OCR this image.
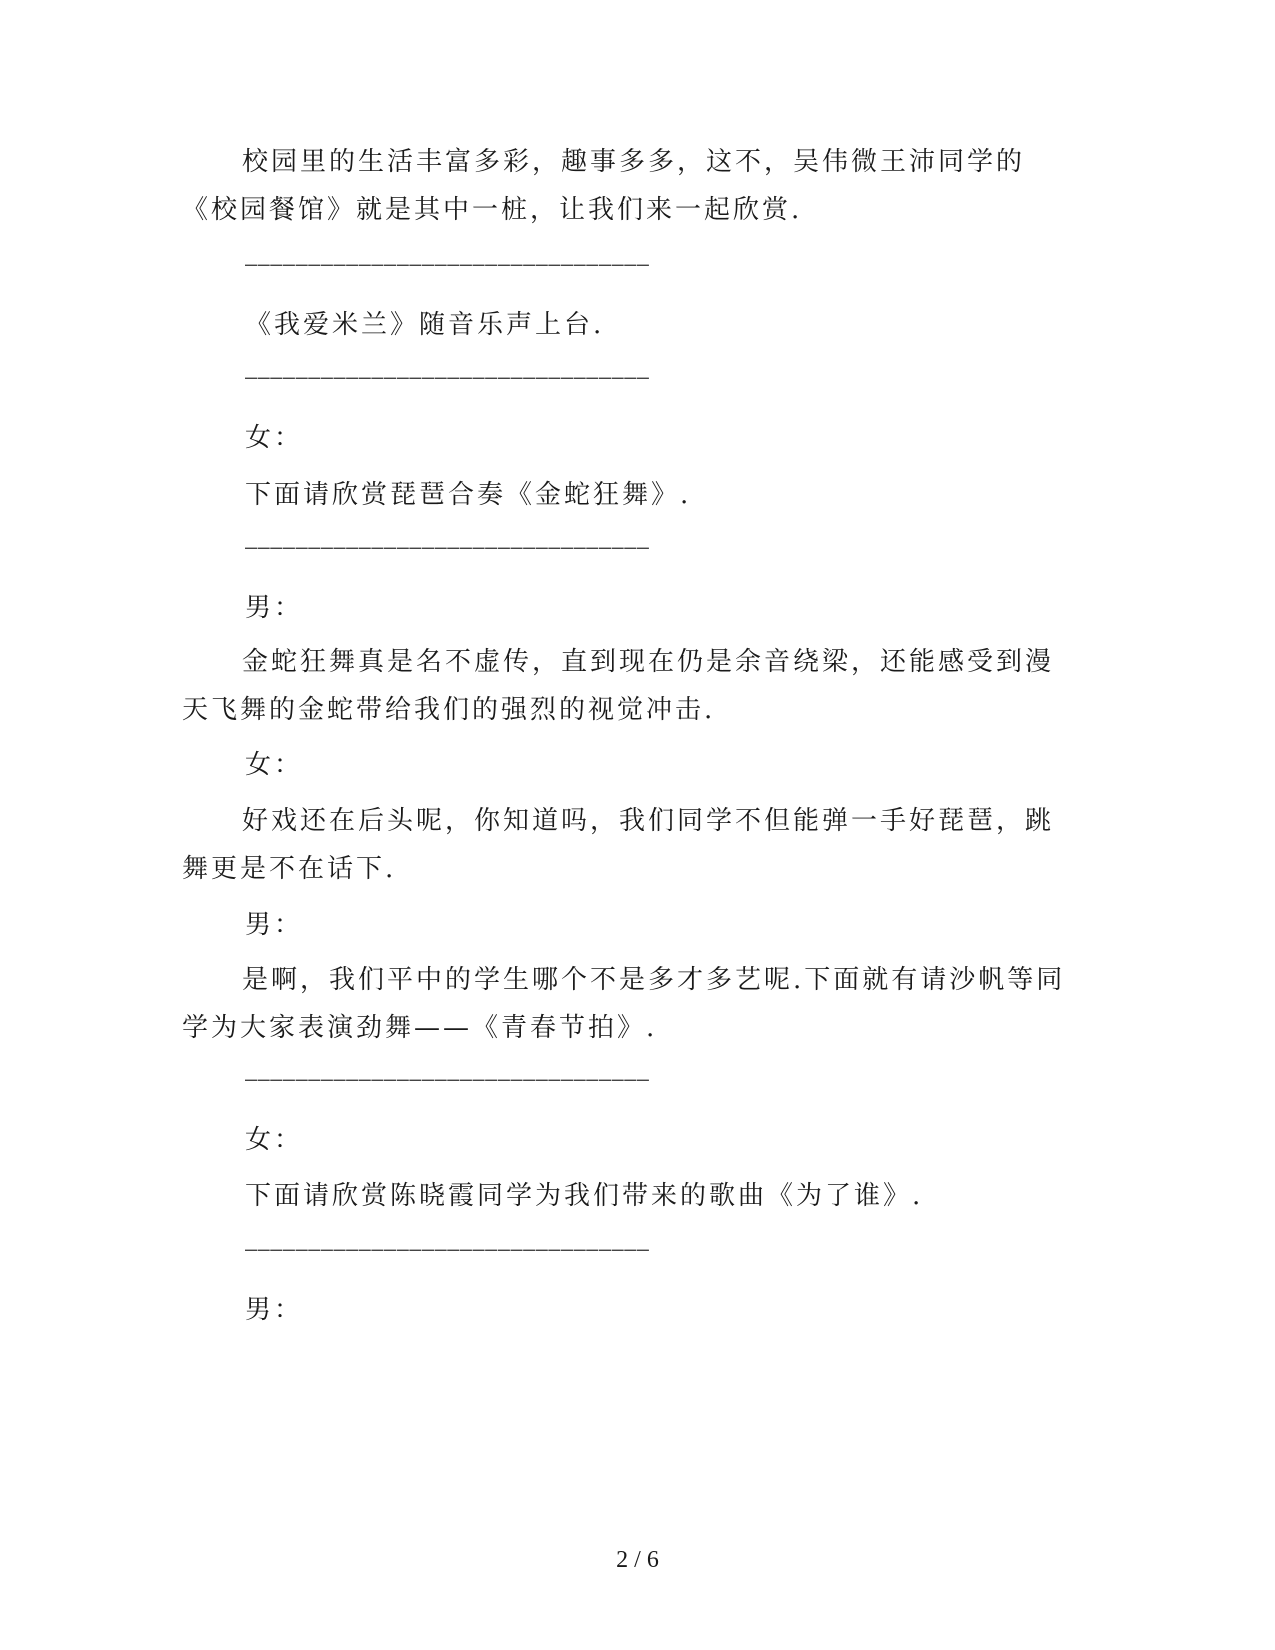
校园里的生活丰富多彩，趣事多多，这不，吴伟微王沛同学的《校园餐馆》就是其中一桩，让我们来一起欣赏.
————————————————————————————————
《我爱米兰》随音乐声上台.
————————————————————————————————
女：
下面请欣赏琵琶合奏《金蛇狂舞》.
————————————————————————————————
男：
金蛇狂舞真是名不虚传，直到现在仍是余音绕梁，还能感受到漫天飞舞的金蛇带给我们的强烈的视觉冲击.
女：
好戏还在后头呢，你知道吗，我们同学不但能弹一手好琵琶，跳舞更是不在话下.
男：
是啊，我们平中的学生哪个不是多才多艺呢.下面就有请沙帆等同学为大家表演劲舞——《青春节拍》.
————————————————————————————————
女：
下面请欣赏陈晓霞同学为我们带来的歌曲《为了谁》.
————————————————————————————————
男：
2 / 6
